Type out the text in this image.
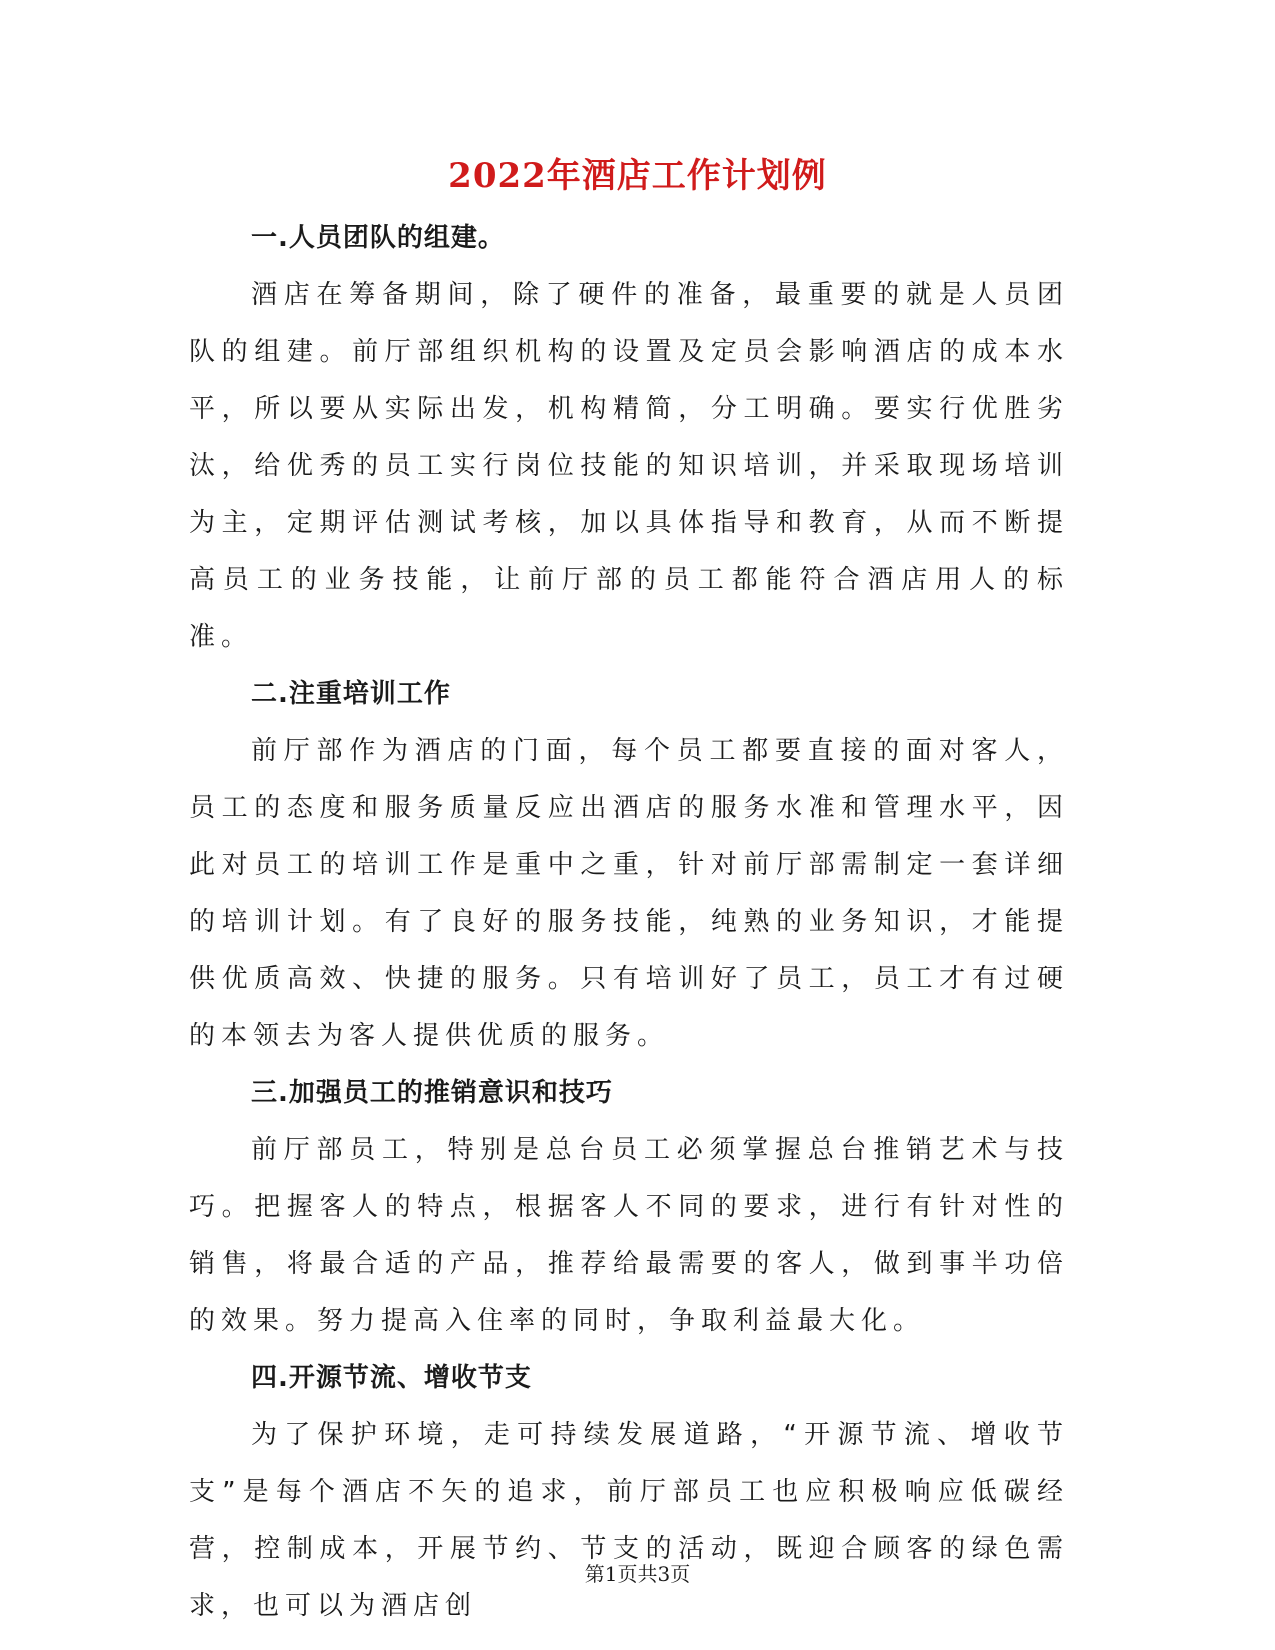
2022年酒店工作计划例

一.人员团队的组建。

酒店在筹备期间，除了硬件的准备，最重要的就是人员团队的组建。前厅部组织机构的设置及定员会影响酒店的成本水平，所以要从实际出发，机构精简，分工明确。要实行优胜劣汰，给优秀的员工实行岗位技能的知识培训，并采取现场培训为主，定期评估测试考核，加以具体指导和教育，从而不断提高员工的业务技能，让前厅部的员工都能符合酒店用人的标准。

二.注重培训工作

前厅部作为酒店的门面，每个员工都要直接的面对客人，员工的态度和服务质量反应出酒店的服务水准和管理水平，因此对员工的培训工作是重中之重，针对前厅部需制定一套详细的培训计划。有了良好的服务技能，纯熟的业务知识，才能提供优质高效、快捷的服务。只有培训好了员工，员工才有过硬的本领去为客人提供优质的服务。

三.加强员工的推销意识和技巧

前厅部员工，特别是总台员工必须掌握总台推销艺术与技巧。把握客人的特点，根据客人不同的要求，进行有针对性的销售，将最合适的产品，推荐给最需要的客人，做到事半功倍的效果。努力提高入住率的同时，争取利益最大化。

四.开源节流、增收节支

为了保护环境，走可持续发展道路，“开源节流、增收节支”是每个酒店不矢的追求，前厅部员工也应积极响应低碳经营，控制成本，开展节约、节支的活动，既迎合顾客的绿色需求，也可以为酒店创

第1页共3页
